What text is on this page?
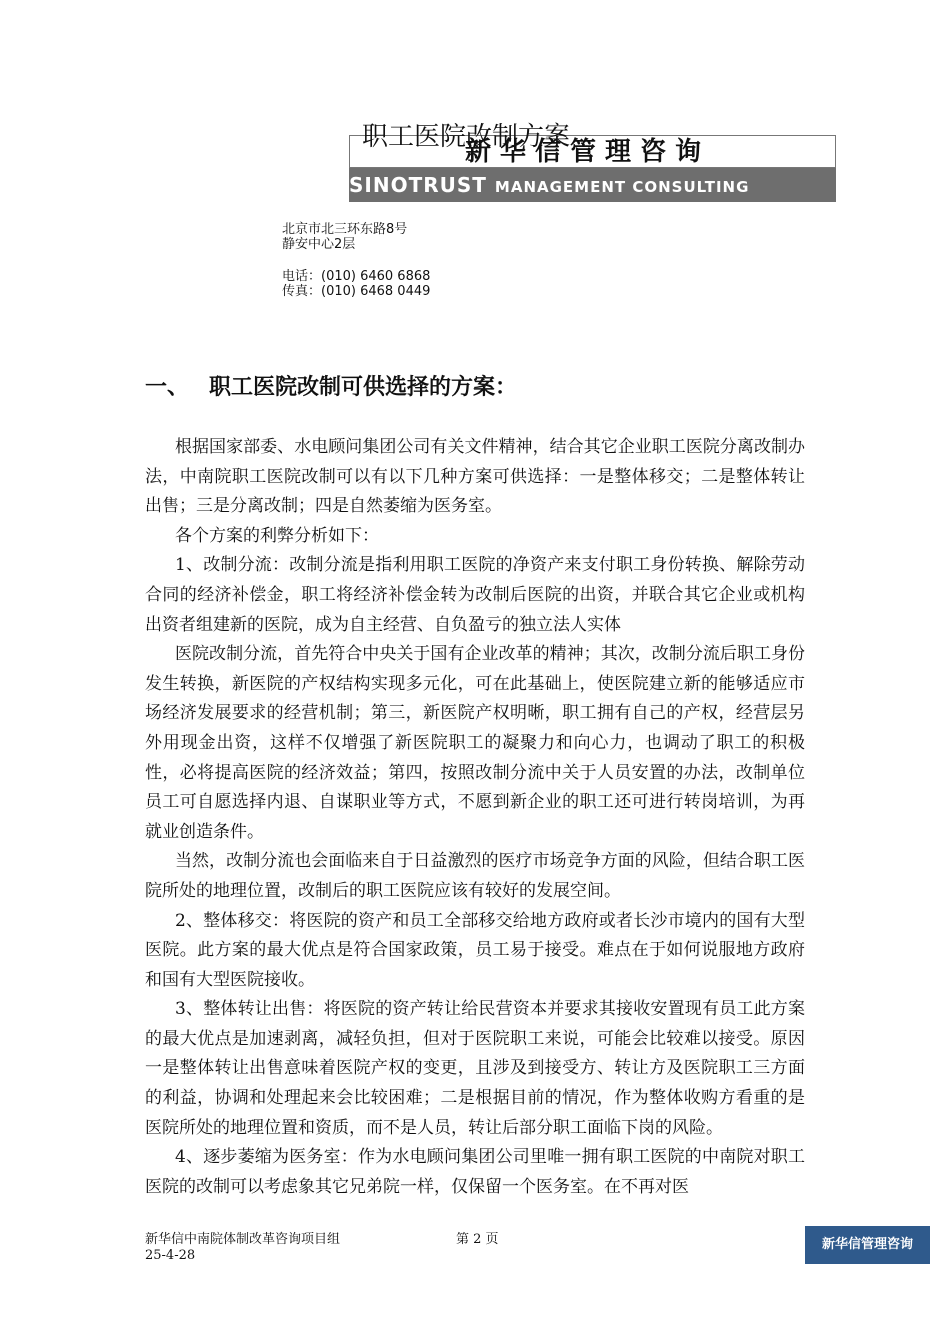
新华信管理咨询
SINOTRUST MANAGEMENT CONSULTING
职工医院改制方案
北京市北三环东路8号
静安中心2层
电话：(010) 6460 6868
传真：(010) 6468 0449
一、 职工医院改制可供选择的方案：

根据国家部委、水电顾问集团公司有关文件精神，结合其它企业职工医院分离改制办法，中南院职工医院改制可以有以下几种方案可供选择：一是整体移交；二是整体转让出售；三是分离改制；四是自然萎缩为医务室。

各个方案的利弊分析如下：

1、改制分流：改制分流是指利用职工医院的净资产来支付职工身份转换、解除劳动合同的经济补偿金，职工将经济补偿金转为改制后医院的出资，并联合其它企业或机构出资者组建新的医院，成为自主经营、自负盈亏的独立法人实体

医院改制分流，首先符合中央关于国有企业改革的精神；其次，改制分流后职工身份发生转换，新医院的产权结构实现多元化，可在此基础上，使医院建立新的能够适应市场经济发展要求的经营机制；第三，新医院产权明晰，职工拥有自己的产权，经营层另外用现金出资，这样不仅增强了新医院职工的凝聚力和向心力，也调动了职工的积极性，必将提高医院的经济效益；第四，按照改制分流中关于人员安置的办法，改制单位员工可自愿选择内退、自谋职业等方式，不愿到新企业的职工还可进行转岗培训，为再就业创造条件。

当然，改制分流也会面临来自于日益激烈的医疗市场竞争方面的风险，但结合职工医院所处的地理位置，改制后的职工医院应该有较好的发展空间。

2、整体移交：将医院的资产和员工全部移交给地方政府或者长沙市境内的国有大型医院。此方案的最大优点是符合国家政策，员工易于接受。难点在于如何说服地方政府和国有大型医院接收。

3、整体转让出售：将医院的资产转让给民营资本并要求其接收安置现有员工此方案的最大优点是加速剥离，减轻负担，但对于医院职工来说，可能会比较难以接受。原因一是整体转让出售意味着医院产权的变更，且涉及到接受方、转让方及医院职工三方面的利益，协调和处理起来会比较困难；二是根据目前的情况，作为整体收购方看重的是医院所处的地理位置和资质，而不是人员，转让后部分职工面临下岗的风险。

4、逐步萎缩为医务室：作为水电顾问集团公司里唯一拥有职工医院的中南院对职工医院的改制可以考虑象其它兄弟院一样，仅保留一个医务室。在不再对医

新华信中南院体制改革咨询项目组
25-4-28
第 2 页	新华信管理咨询
